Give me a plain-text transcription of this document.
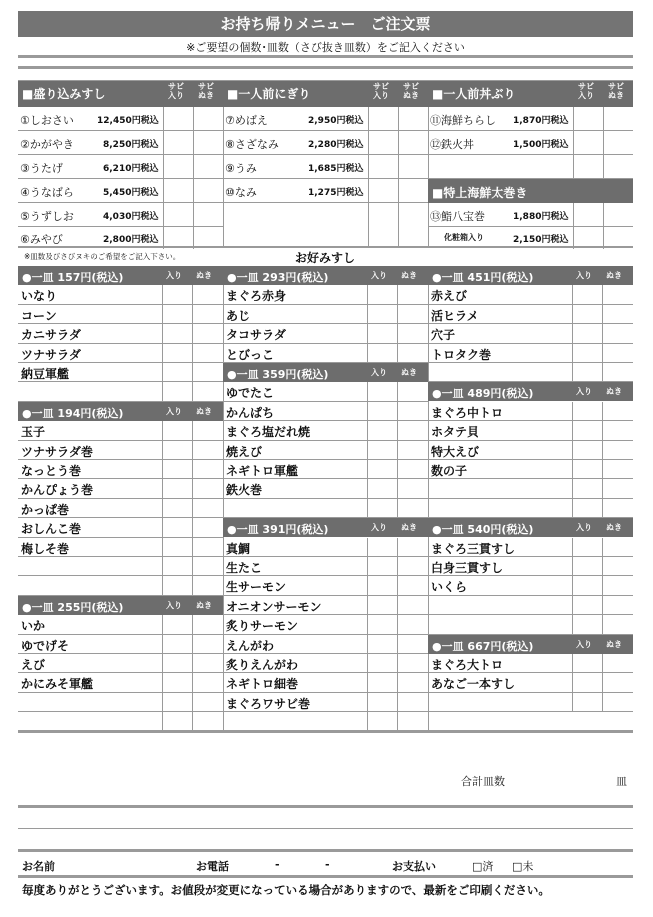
お持ち帰りメニュー　ご注文票
※ご要望の個数･皿数（さび抜き皿数）をご記入ください
■盛り込みすし
サビ入り
サビぬき
①しおさい	12,450円税込
②かがやき	8,250円税込
③うたげ	6,210円税込
④うなばら	5,450円税込
⑤うずしお	4,030円税込
⑥みやび	2,800円税込
■一人前にぎり
サビ入り
サビぬき
⑦めばえ	2,950円税込
⑧さざなみ	2,280円税込
⑨うみ	1,685円税込
⑩なみ	1,275円税込
■一人前丼ぶり
サビ入り
サビぬき
⑪海鮮ちらし 1,870円税込
⑫鉄火丼	1,500円税込
■特上海鮮太巻き
⑬鮨八宝巻	1,880円税込
化粧箱入り	2,150円税込
※皿数及びさびヌキのご希望をご記入下さい。	お好みすし
●一皿 157円(税込)	入り ぬき
いなり
コーン
カニサラダ
ツナサラダ
納豆軍艦
●一皿 194円(税込)	入り ぬき
玉子
ツナサラダ巻
なっとう巻
かんぴょう巻
かっぱ巻
おしんこ巻
梅しそ巻
●一皿 255円(税込)	入り ぬき
いか
ゆでげそ
えび
かにみそ軍艦
●一皿 293円(税込)	入り ぬき
まぐろ赤身
あじ
タコサラダ
とびっこ
●一皿 359円(税込)	入り ぬき
ゆでたこ
かんぱち
まぐろ塩だれ焼
焼えび
ネギトロ軍艦
鉄火巻
●一皿 391円(税込)	入り ぬき
真鯛
生たこ
生サーモン
オニオンサーモン
炙りサーモン
えんがわ
炙りえんがわ
ネギトロ細巻
まぐろワサビ巻
●一皿 451円(税込)	入り ぬき
赤えび
活ヒラメ
穴子
トロタク巻
●一皿 489円(税込)	入り ぬき
まぐろ中トロ
ホタテ貝
特大えび
数の子
●一皿 540円(税込)	入り ぬき
まぐろ三貫すし
白身三貫すし
いくら
●一皿 667円(税込)	入り ぬき
まぐろ大トロ
あなご一本すし
合計皿数	皿
お名前	お電話	-	-	お支払い	□済 □未
毎度ありがとうございます。お値段が変更になっている場合がありますので、最新をご印刷ください。
